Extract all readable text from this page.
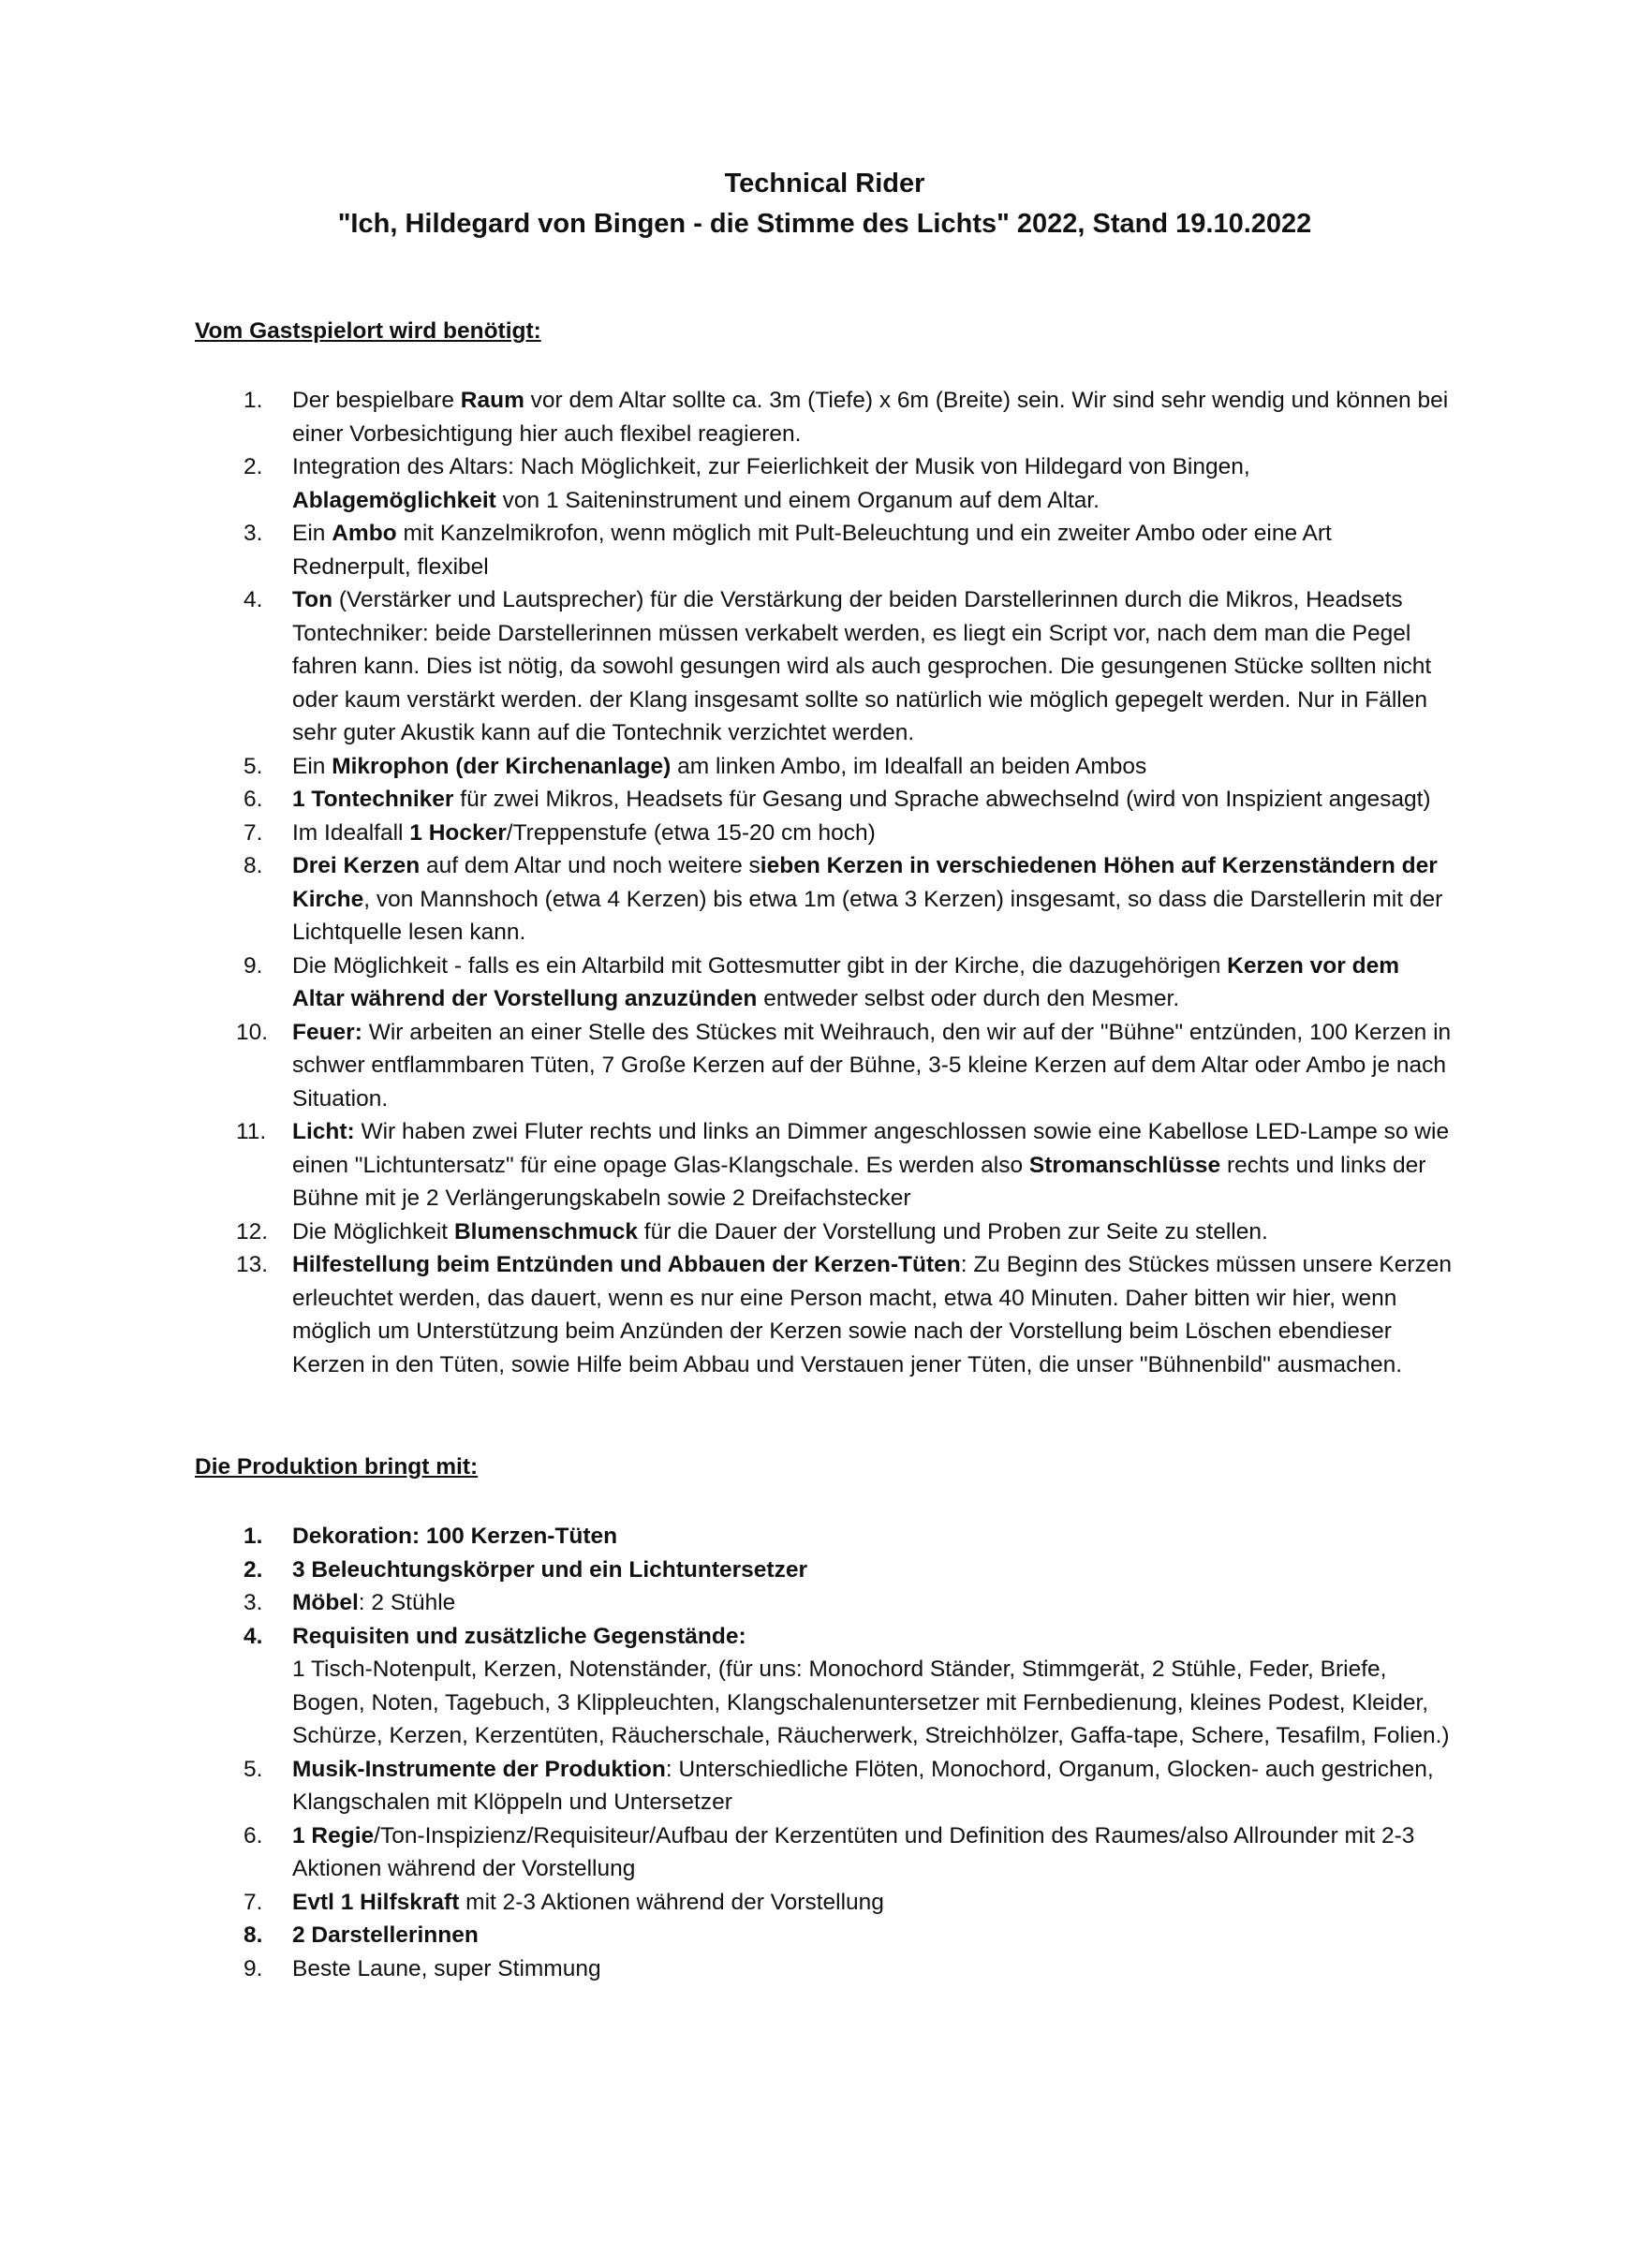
Technical Rider
"Ich, Hildegard von Bingen - die Stimme des Lichts" 2022, Stand 19.10.2022
Vom Gastspielort wird benötigt:
1.	Der bespielbare Raum vor dem Altar sollte ca. 3m (Tiefe) x 6m (Breite) sein. Wir sind sehr wendig und können bei einer Vorbesichtigung hier auch flexibel reagieren.
2.	Integration des Altars: Nach Möglichkeit, zur Feierlichkeit der Musik von Hildegard von Bingen, Ablagemöglichkeit von 1 Saiteninstrument und einem Organum auf dem Altar.
3.	Ein Ambo mit Kanzelmikrofon, wenn möglich mit Pult-Beleuchtung und ein zweiter Ambo oder eine Art Rednerpult, flexibel
4.	Ton (Verstärker und Lautsprecher) für die Verstärkung der beiden Darstellerinnen durch die Mikros, Headsets Tontechniker: beide Darstellerinnen müssen verkabelt werden, es liegt ein Script vor, nach dem man die Pegel fahren kann. Dies ist nötig, da sowohl gesungen wird als auch gesprochen. Die gesungenen Stücke sollten nicht oder kaum verstärkt werden. der Klang insgesamt sollte so natürlich wie möglich gepegelt werden. Nur in Fällen sehr guter Akustik kann auf die Tontechnik verzichtet werden.
5.	Ein Mikrophon (der Kirchenanlage) am linken Ambo, im Idealfall an beiden Ambos
6.	1 Tontechniker für zwei Mikros, Headsets für Gesang und Sprache abwechselnd (wird von Inspizient angesagt)
7.	Im Idealfall 1 Hocker/Treppenstufe (etwa 15-20 cm hoch)
8.	Drei Kerzen auf dem Altar und noch weitere sieben Kerzen in verschiedenen Höhen auf Kerzenständern der Kirche, von Mannshoch (etwa 4 Kerzen) bis etwa 1m (etwa 3 Kerzen) insgesamt, so dass die Darstellerin mit der Lichtquelle lesen kann.
9.	Die Möglichkeit - falls es ein Altarbild mit Gottesmutter gibt in der Kirche, die dazugehörigen Kerzen vor dem Altar während der Vorstellung anzuzünden entweder selbst oder durch den Mesmer.
10.	Feuer: Wir arbeiten an einer Stelle des Stückes mit Weihrauch, den wir auf der "Bühne" entzünden, 100 Kerzen in schwer entflammbaren Tüten, 7 Große Kerzen auf der Bühne, 3-5 kleine Kerzen auf dem Altar oder Ambo je nach Situation.
11.	Licht: Wir haben zwei Fluter rechts und links an Dimmer angeschlossen sowie eine Kabellose LED-Lampe so wie einen "Lichtuntersatz" für eine opage Glas-Klangschale. Es werden also Stromanschlüsse rechts und links der Bühne mit je 2 Verlängerungskabeln sowie 2 Dreifachstecker
12.	Die Möglichkeit Blumenschmuck für die Dauer der Vorstellung und Proben zur Seite zu stellen.
13.	Hilfestellung beim Entzünden und Abbauen der Kerzen-Tüten: Zu Beginn des Stückes müssen unsere Kerzen erleuchtet werden, das dauert, wenn es nur eine Person macht, etwa 40 Minuten. Daher bitten wir hier, wenn möglich um Unterstützung beim Anzünden der Kerzen sowie nach der Vorstellung beim Löschen ebendieser Kerzen in den Tüten, sowie Hilfe beim Abbau und Verstauen jener Tüten, die unser "Bühnenbild" ausmachen.
Die Produktion bringt mit:
1.	Dekoration: 100 Kerzen-Tüten
2.	3 Beleuchtungskörper und ein Lichtuntersetzer
3.	Möbel: 2 Stühle
4.	Requisiten und zusätzliche Gegenstände:
1 Tisch-Notenpult, Kerzen, Notenständer, (für uns: Monochord Ständer, Stimmgerät, 2 Stühle, Feder, Briefe, Bogen, Noten, Tagebuch, 3 Klippleuchten, Klangschalenuntersetzer mit Fernbedienung, kleines Podest, Kleider, Schürze, Kerzen, Kerzentüten, Räucherschale, Räucherwerk, Streichhölzer, Gaffa-tape, Schere, Tesafilm, Folien.)
5.	Musik-Instrumente der Produktion: Unterschiedliche Flöten, Monochord, Organum, Glocken- auch gestrichen, Klangschalen mit Klöppeln und Untersetzer
6.	1 Regie/Ton-Inspizienz/Requisiteur/Aufbau der Kerzentüten und Definition des Raumes/also Allrounder mit 2-3 Aktionen während der Vorstellung
7.	Evtl 1 Hilfskraft mit 2-3 Aktionen während der Vorstellung
8.	2 Darstellerinnen
9.	Beste Laune, super Stimmung
